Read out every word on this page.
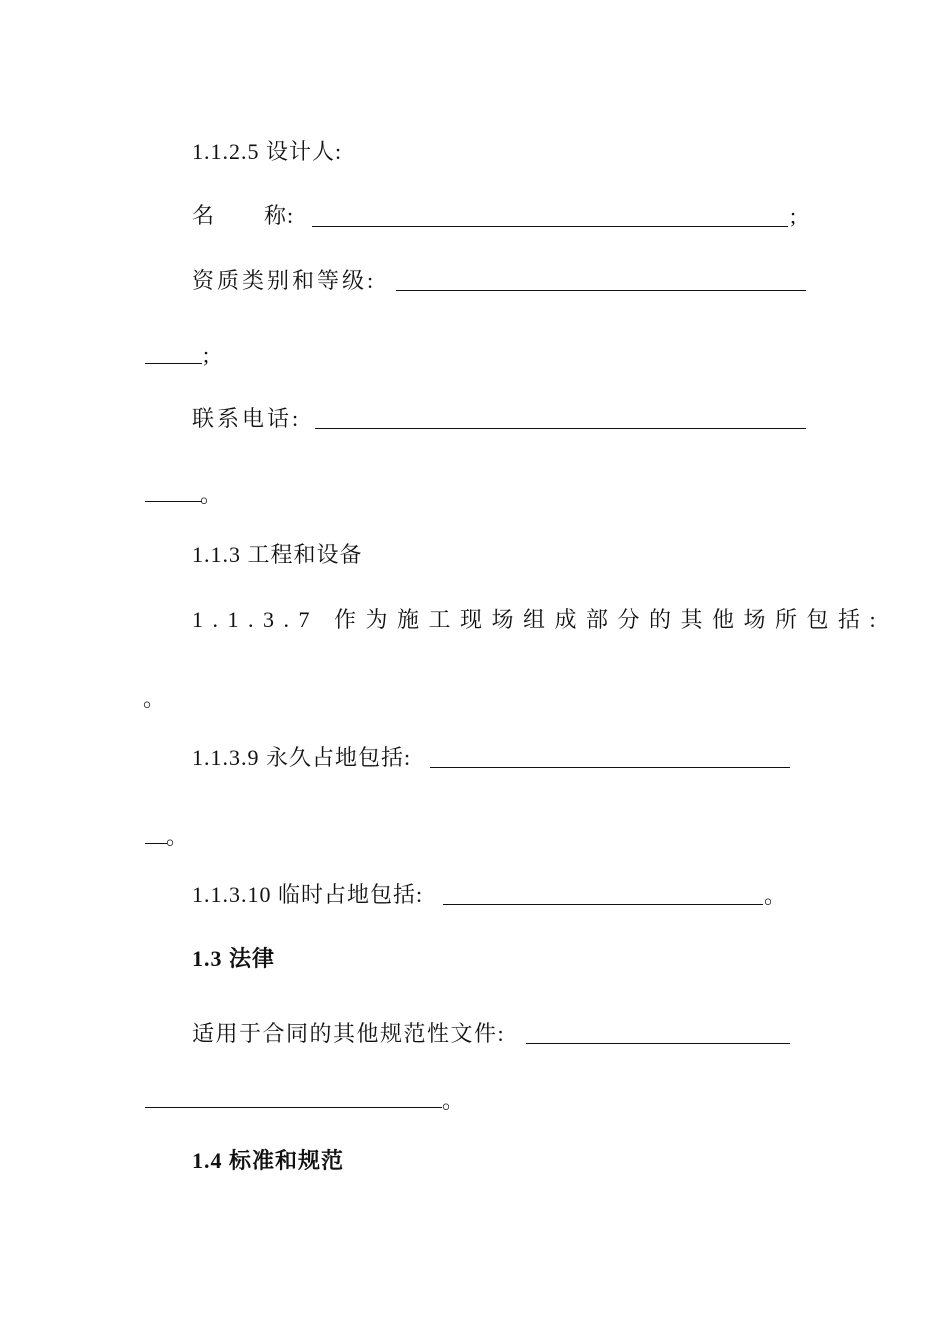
1.1.2.5 设计人:
名 称:	;
资质类别和等级:
;
联系电话:
。
1.1.3 工程和设备
1.1.3.7 作为施工现场组成部分的其他场所包括:
。
1.1.3.9 永久占地包括:
。
1.1.3.10 临时占地包括:	。
1.3 法律
适用于合同的其他规范性文件:
。
1.4 标准和规范
